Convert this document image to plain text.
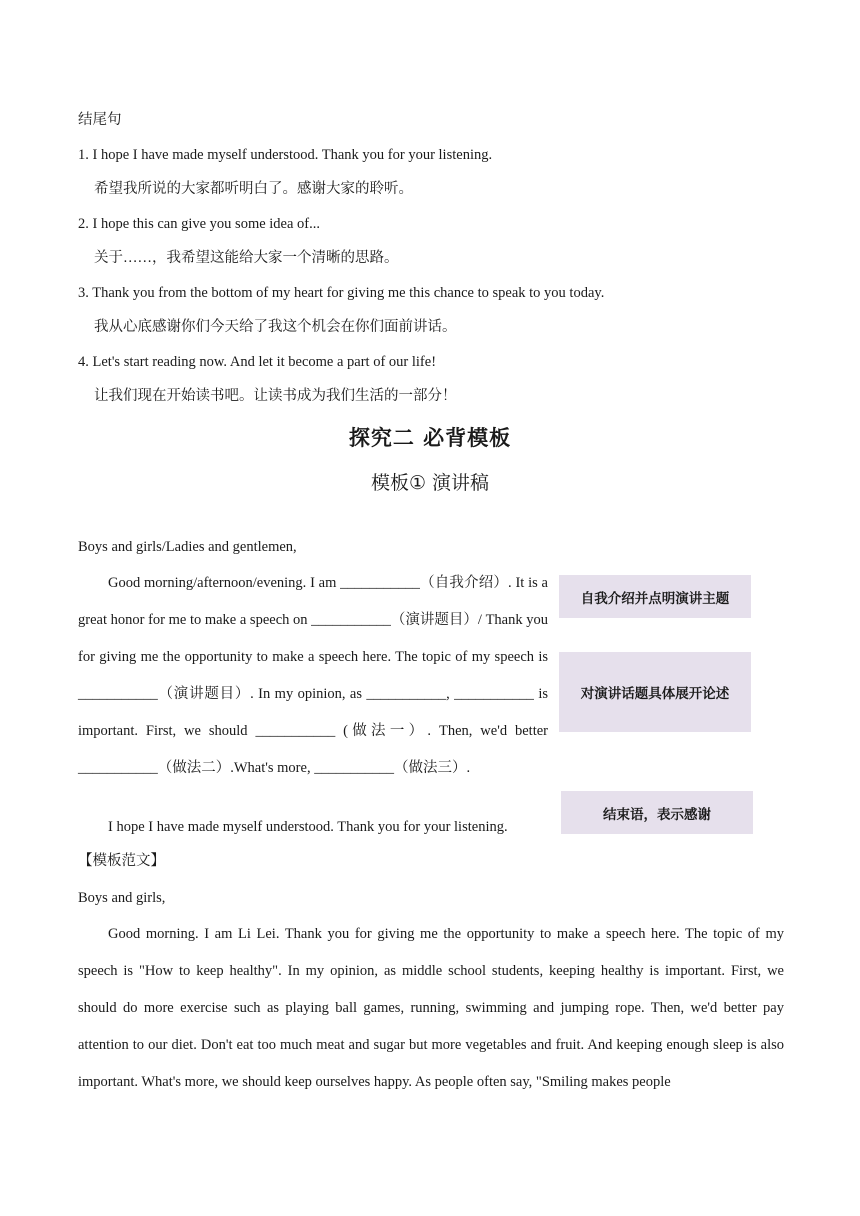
结尾句
1. I hope I have made myself understood. Thank you for your listening.
希望我所说的大家都听明白了。感谢大家的聆听。
2. I hope this can give you some idea of...
关于……，我希望这能给大家一个清晰的思路。
3. Thank you from the bottom of my heart for giving me this chance to speak to you today.
我从心底感谢你们今天给了我这个机会在你们面前讲话。
4. Let's start reading now. And let it become a part of our life!
让我们现在开始读书吧。让读书成为我们生活的一部分！
探究二 必背模板
模板① 演讲稿
Boys and girls/Ladies and gentlemen,

Good morning/afternoon/evening. I am ___________（自我介绍）. It is a great honor for me to make a speech on ___________（演讲题目）/ Thank you for giving me the opportunity to make a speech here. The topic of my speech is ___________（演讲题目）. In my opinion, as ___________, ___________ is important. First, we should ___________ (做法一）. Then, we'd better ___________（做法二）.What's more, ___________（做法三）.

I hope I have made myself understood. Thank you for your listening.
自我介绍并点明演讲主题
对演讲话题具体展开论述
结束语，表示感谢
【模板范文】
Boys and girls,

Good morning. I am Li Lei. Thank you for giving me the opportunity to make a speech here. The topic of my speech is "How to keep healthy". In my opinion, as middle school students, keeping healthy is important. First, we should do more exercise such as playing ball games, running, swimming and jumping rope. Then, we'd better pay attention to our diet. Don't eat too much meat and sugar but more vegetables and fruit. And keeping enough sleep is also important. What's more, we should keep ourselves happy. As people often say, "Smiling makes people
